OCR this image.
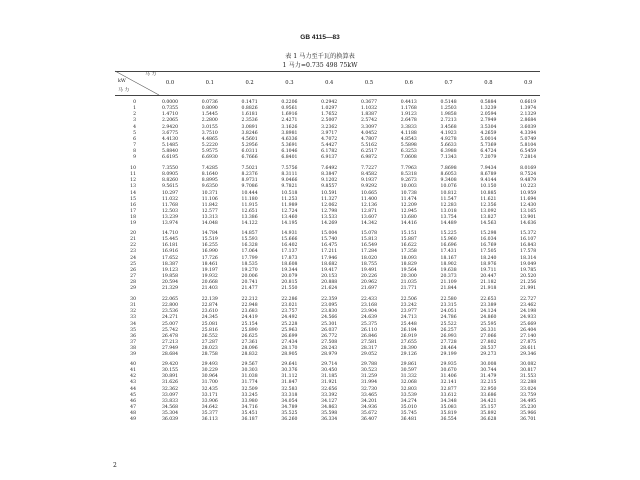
GB 4115—83
表 1 马力至千瓦的换算表
1 马力=0.735 498 75kW
马 力
kW
马 力
0.0	0.1	0.2	0.3	0.4	0.5	0.6	0.7	0.8	0.9
0	0.0000	0.0736	0.1471	0.2206	0.2942	0.3677	0.4413	0.5148	0.5884	0.6619
1	0.7355	0.8090	0.8826	0.9561	1.0297	1.1032	1.1768	1.2503	1.3239	1.3974
2	1.4710	1.5445	1.6181	1.6916	1.7652	1.8387	1.9123	1.9858	2.0594	2.1329
3	2.2065	2.2800	2.3536	2.4271	2.5007	2.5742	2.6478	2.7213	2.7949	2.8684
4	2.9420	3.0155	3.0891	3.1626	3.2362	3.3097	3.3833	3.4568	3.5304	3.6039
5	3.6775	3.7510	3.8246	3.8981	3.9717	4.0452	4.1188	4.1923	4.2659	4.3394
6	4.4130	4.4865	4.5601	4.6336	4.7072	4.7807	4.8543	4.9278	5.0014	5.0749
7	5.1485	5.2220	5.2956	5.3691	5.4427	5.5162	5.5898	5.6633	5.7369	5.8104
8	5.8840	5.9575	6.0311	6.1046	6.1782	6.2517	6.3253	6.3988	6.4724	6.5459
9	6.6195	6.6930	6.7666	6.8401	6.9137	6.9872	7.0608	7.1343	7.2079	7.2814
10	7.3550	7.4285	7.5021	7.5756	7.6492	7.7227	7.7963	7.8698	7.9434	8.0169
11	8.0905	8.1640	8.2376	8.3111	8.3847	8.4582	8.5318	8.6053	8.6789	8.7524
12	8.8260	8.8995	8.9731	9.0466	9.1202	9.1937	9.2673	9.3408	9.4144	9.4879
13	9.5615	9.6350	9.7086	9.7821	9.8557	9.9292	10.003	10.076	10.150	10.223
14	10.297	10.371	10.444	10.518	10.591	10.665	10.738	10.812	10.885	10.959
15	11.032	11.106	11.180	11.253	11.327	11.400	11.474	11.547	11.621	11.694
16	11.768	11.842	11.915	11.989	12.062	12.136	12.209	12.283	12.356	12.430
17	12.503	12.577	12.651	12.724	12.798	12.871	12.945	13.018	13.092	13.165
18	13.239	13.313	13.386	13.460	13.533	13.607	13.680	13.754	13.827	13.901
19	13.974	14.048	14.122	14.195	14.269	14.342	14.416	14.489	14.563	14.636
20	14.710	14.784	14.857	14.931	15.004	15.078	15.151	15.225	15.298	15.372
21	15.445	15.519	15.593	15.666	15.740	15.813	15.887	15.960	16.034	16.107
22	16.181	16.255	16.328	16.402	16.475	16.549	16.622	16.696	16.769	16.843
23	16.916	16.990	17.064	17.137	17.211	17.284	17.358	17.431	17.505	17.578
24	17.652	17.726	17.799	17.873	17.946	18.020	18.093	18.167	18.240	18.314
25	18.387	18.461	18.535	18.608	18.682	18.755	18.829	18.902	18.976	19.049
26	19.123	19.197	19.270	19.344	19.417	19.491	19.564	19.638	19.711	19.785
27	19.858	19.932	20.006	20.079	20.153	20.226	20.300	20.373	20.447	20.520
28	20.594	20.668	20.741	20.815	20.888	20.962	21.035	21.109	21.182	21.256
29	21.329	21.403	21.477	21.550	21.624	21.697	21.771	21.844	21.918	21.991
30	22.065	22.139	22.212	22.286	22.359	22.433	22.506	22.580	22.653	22.727
31	22.800	22.874	22.948	23.021	23.095	23.168	23.242	23.315	23.389	23.462
32	23.536	23.610	23.683	23.757	23.830	23.904	23.977	24.051	24.124	24.198
33	24.271	24.345	24.419	24.492	24.566	24.639	24.713	24.786	24.860	24.933
34	25.007	25.081	25.154	25.228	25.301	25.375	25.448	25.522	25.595	25.669
35	25.742	25.816	25.890	25.963	26.037	26.110	26.184	26.257	26.331	26.404
36	26.478	26.552	26.625	26.699	26.772	26.846	26.919	26.993	27.066	27.140
37	27.213	27.287	27.361	27.434	27.508	27.581	27.655	27.728	27.802	27.875
38	27.949	28.023	28.096	28.170	28.243	28.317	28.390	28.464	28.537	28.611
39	28.684	28.758	28.832	28.905	28.979	29.052	29.126	29.199	29.273	29.346
40	29.420	29.493	29.567	29.641	29.714	29.788	29.861	29.935	30.008	30.082
41	30.155	30.229	30.303	30.376	30.450	30.523	30.597	30.670	30.744	30.817
42	30.891	30.964	31.038	31.112	31.185	31.259	31.332	31.406	31.479	31.553
43	31.626	31.700	31.774	31.847	31.921	31.994	32.068	32.141	32.215	32.288
44	32.362	32.435	32.509	32.583	32.656	32.730	32.803	32.877	32.950	33.024
45	33.097	33.171	33.245	33.318	33.392	33.465	33.539	33.612	33.686	33.759
46	33.833	33.906	33.980	34.054	34.127	34.201	34.274	34.348	34.421	34.495
47	34.568	34.642	34.716	34.789	34.863	34.936	35.010	35.083	35.157	35.230
48	35.304	35.377	35.451	35.525	35.598	35.672	35.745	35.819	35.892	35.966
49	36.039	36.113	36.187	36.260	36.334	36.407	36.481	36.554	36.628	36.701
2
